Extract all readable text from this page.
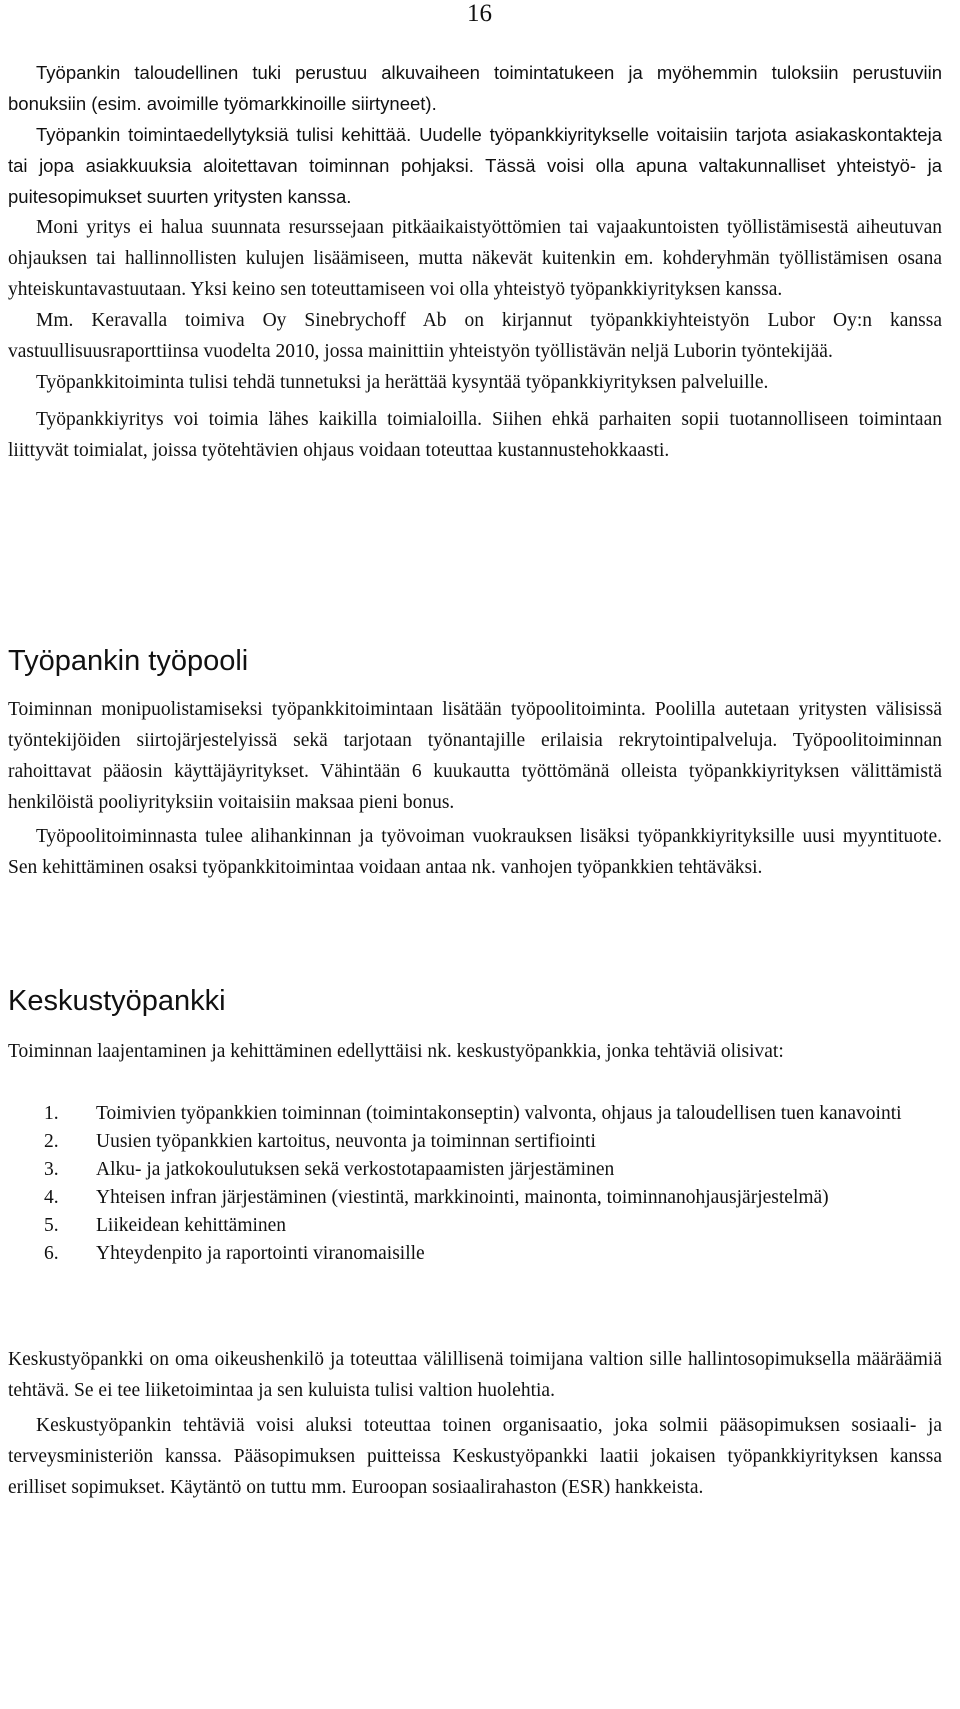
16

Työpankin taloudellinen tuki perustuu alkuvaiheen toimintatukeen ja myöhemmin tuloksiin perustuviin bonuksiin (esim. avoimille työmarkkinoille siirtyneet).

Työpankin toimintaedellytyksiä tulisi kehittää. Uudelle työpankkiyritykselle voitaisiin tarjota asiakaskontakteja tai jopa asiakkuuksia aloitettavan toiminnan pohjaksi. Tässä voisi olla apuna valtakunnalliset yhteistyö- ja puitesopimukset suurten yritysten kanssa.

Moni yritys ei halua suunnata resurssejaan pitkäaikaistyöttömien tai vajaakuntoisten työllistämisestä aiheutuvan ohjauksen tai hallinnollisten kulujen lisäämiseen, mutta näkevät kuitenkin em. kohderyhmän työllistämisen osana yhteiskuntavastuutaan. Yksi keino sen toteuttamiseen voi olla yhteistyö työpankkiyrityksen kanssa.

Mm. Keravalla toimiva Oy Sinebrychoff Ab on kirjannut työpankkiyhteistyön Lubor Oy:n kanssa vastuullisuusraporttiinsa vuodelta 2010, jossa mainittiin yhteistyön työllistävän neljä Luborin työntekijää.

Työpankkitoiminta tulisi tehdä tunnetuksi ja herättää kysyntää työpankkiyrityksen palveluille.

Työpankkiyritys voi toimia lähes kaikilla toimialoilla. Siihen ehkä parhaiten sopii tuotannolliseen toimintaan liittyvät toimialat, joissa työtehtävien ohjaus voidaan toteuttaa kustannustehokkaasti.

Työpankin työpooli

Toiminnan monipuolistamiseksi työpankkitoimintaan lisätään työpoolitoiminta. Poolilla autetaan yritysten välisissä työntekijöiden siirtojärjestelyissä sekä tarjotaan työnantajille erilaisia rekrytointipalveluja. Työpoolitoiminnan rahoittavat pääosin käyttäjäyritykset. Vähintään 6 kuukautta työttömänä olleista työpankkiyrityksen välittämistä henkilöistä pooliyrityksiin voitaisiin maksaa pieni bonus.

Työpoolitoiminnasta tulee alihankinnan ja työvoiman vuokrauksen lisäksi työpankkiyrityksille uusi myyntituote. Sen kehittäminen osaksi työpankkitoimintaa voidaan antaa nk. vanhojen työpankkien tehtäväksi.

Keskustyöpankki

Toiminnan laajentaminen ja kehittäminen edellyttäisi nk. keskustyöpankkia, jonka tehtäviä olisivat:

1. Toimivien työpankkien toiminnan (toimintakonseptin) valvonta, ohjaus ja taloudellisen tuen kanavointi
2. Uusien työpankkien kartoitus, neuvonta ja toiminnan sertifiointi
3. Alku- ja jatkokoulutuksen sekä verkostotapaamisten järjestäminen
4. Yhteisen infran järjestäminen (viestintä, markkinointi, mainonta, toiminnanohjausjärjestelmä)
5. Liikeidean kehittäminen
6. Yhteydenpito ja raportointi viranomaisille

Keskustyöpankki on oma oikeushenkilö ja toteuttaa välillisenä toimijana valtion sille hallintosopimuksella määräämiä tehtävä. Se ei tee liiketoimintaa ja sen kuluista tulisi valtion huolehtia.

Keskustyöpankin tehtäviä voisi aluksi toteuttaa toinen organisaatio, joka solmii pääsopimuksen sosiaali- ja terveysministeriön kanssa. Pääsopimuksen puitteissa Keskustyöpankki laatii jokaisen työpankkiyrityksen kanssa erilliset sopimukset. Käytäntö on tuttu mm. Euroopan sosiaalirahaston (ESR) hankkeista.
